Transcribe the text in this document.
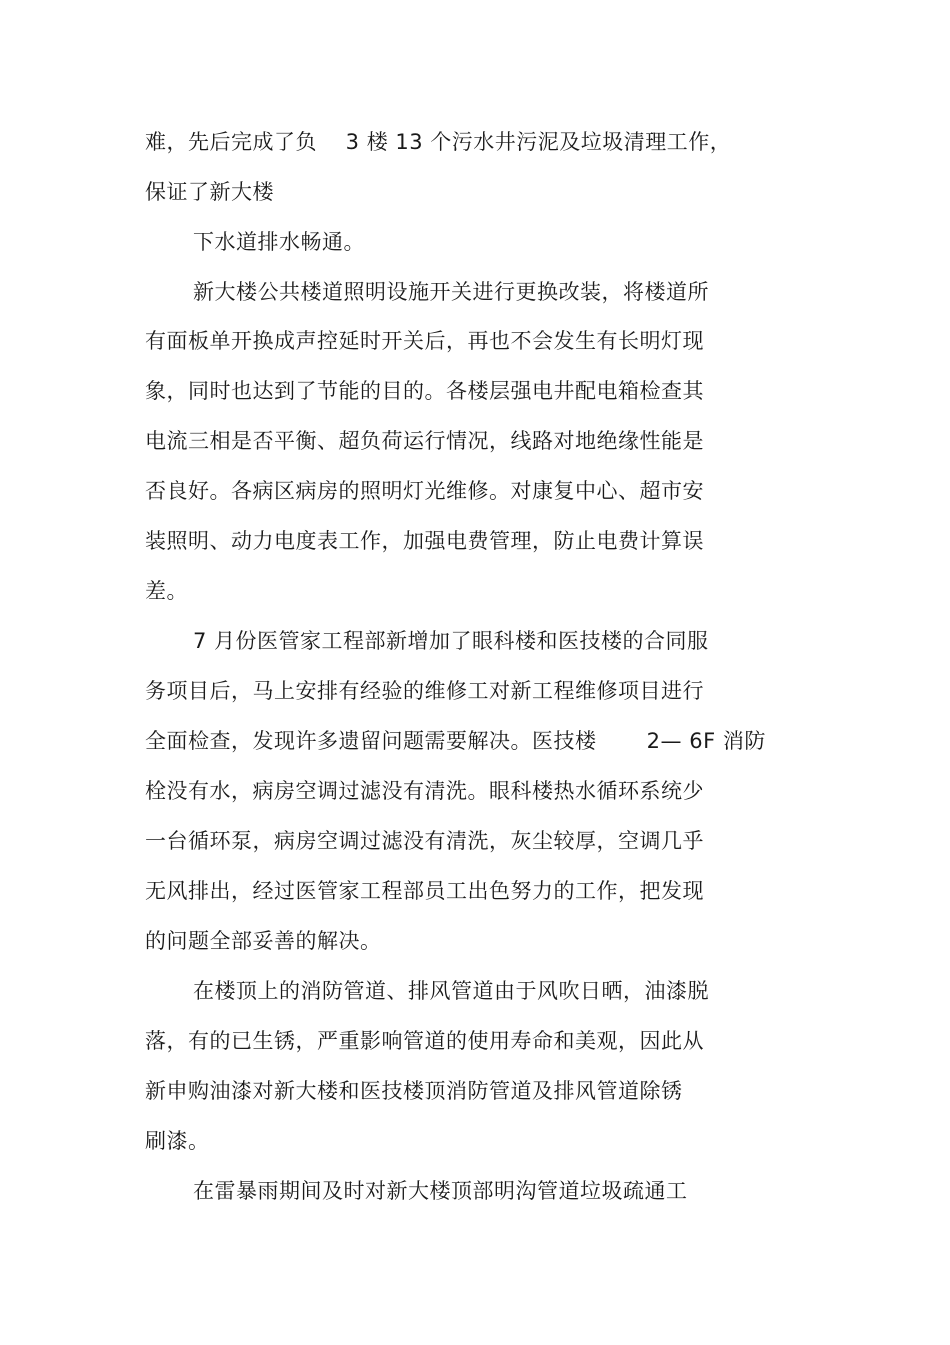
难，先后完成了负　 3 楼 13 个污水井污泥及垃圾清理工作，
保证了新大楼
下水道排水畅通。
新大楼公共楼道照明设施开关进行更换改装，将楼道所
有面板单开换成声控延时开关后，再也不会发生有长明灯现
象，同时也达到了节能的目的。各楼层强电井配电箱检查其
电流三相是否平衡、超负荷运行情况，线路对地绝缘性能是
否良好。各病区病房的照明灯光维修。对康复中心、超市安
装照明、动力电度表工作，加强电费管理，防止电费计算误
差。
7 月份医管家工程部新增加了眼科楼和医技楼的合同服
务项目后，马上安排有经验的维修工对新工程维修项目进行
全面检查，发现许多遗留问题需要解决。医技楼　　 2— 6F 消防
栓没有水，病房空调过滤没有清洗。眼科楼热水循环系统少
一台循环泵，病房空调过滤没有清洗，灰尘较厚，空调几乎
无风排出，经过医管家工程部员工出色努力的工作，把发现
的问题全部妥善的解决。
在楼顶上的消防管道、排风管道由于风吹日晒，油漆脱
落，有的已生锈，严重影响管道的使用寿命和美观，因此从
新申购油漆对新大楼和医技楼顶消防管道及排风管道除锈
刷漆。
在雷暴雨期间及时对新大楼顶部明沟管道垃圾疏通工
